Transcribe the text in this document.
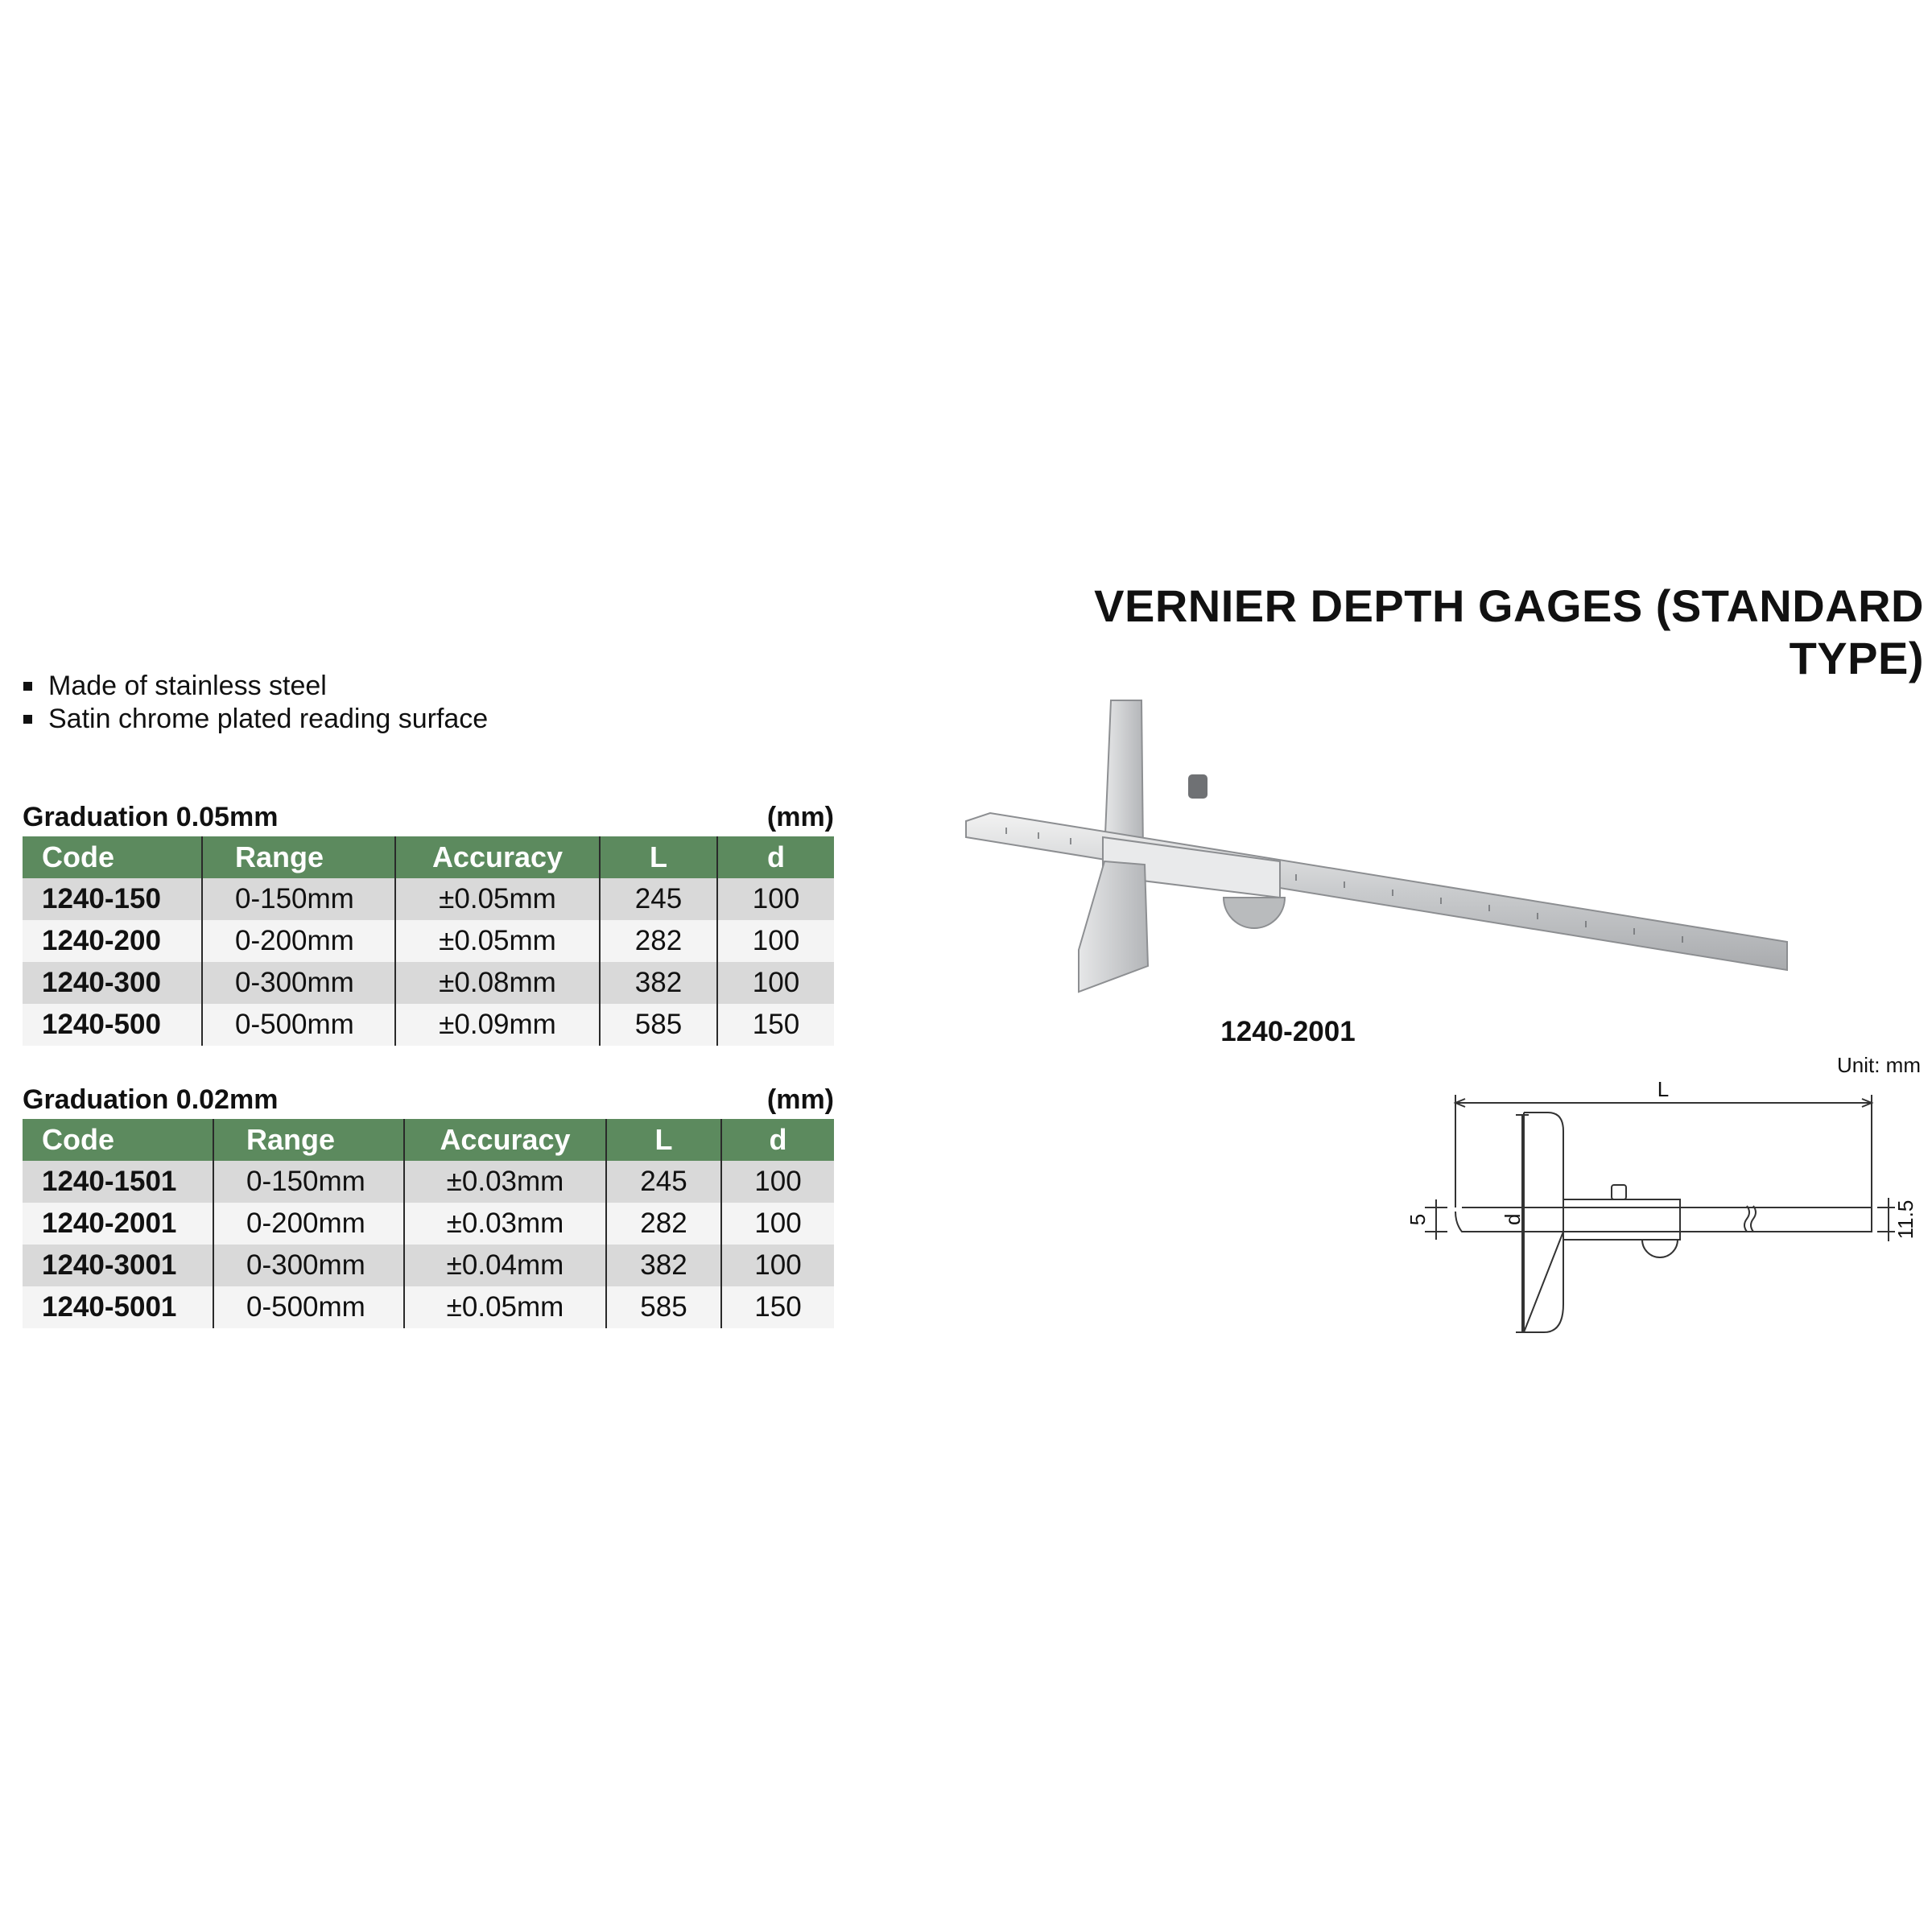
VERNIER DEPTH GAGES (STANDARD TYPE)
Made of stainless steel
Satin chrome plated reading surface
Graduation 0.05mm	(mm)
Code	Range	Accuracy	L	d
1240-150	0-150mm	±0.05mm	245	100
1240-200	0-200mm	±0.05mm	282	100
1240-300	0-300mm	±0.08mm	382	100
1240-500	0-500mm	±0.09mm	585	150
Graduation 0.02mm	(mm)
Code	Range	Accuracy	L	d
1240-1501	0-150mm	±0.03mm	245	100
1240-2001	0-200mm	±0.03mm	282	100
1240-3001	0-300mm	±0.04mm	382	100
1240-5001	0-500mm	±0.05mm	585	150
1240-2001
Unit: mm
L
d
5	11.5
